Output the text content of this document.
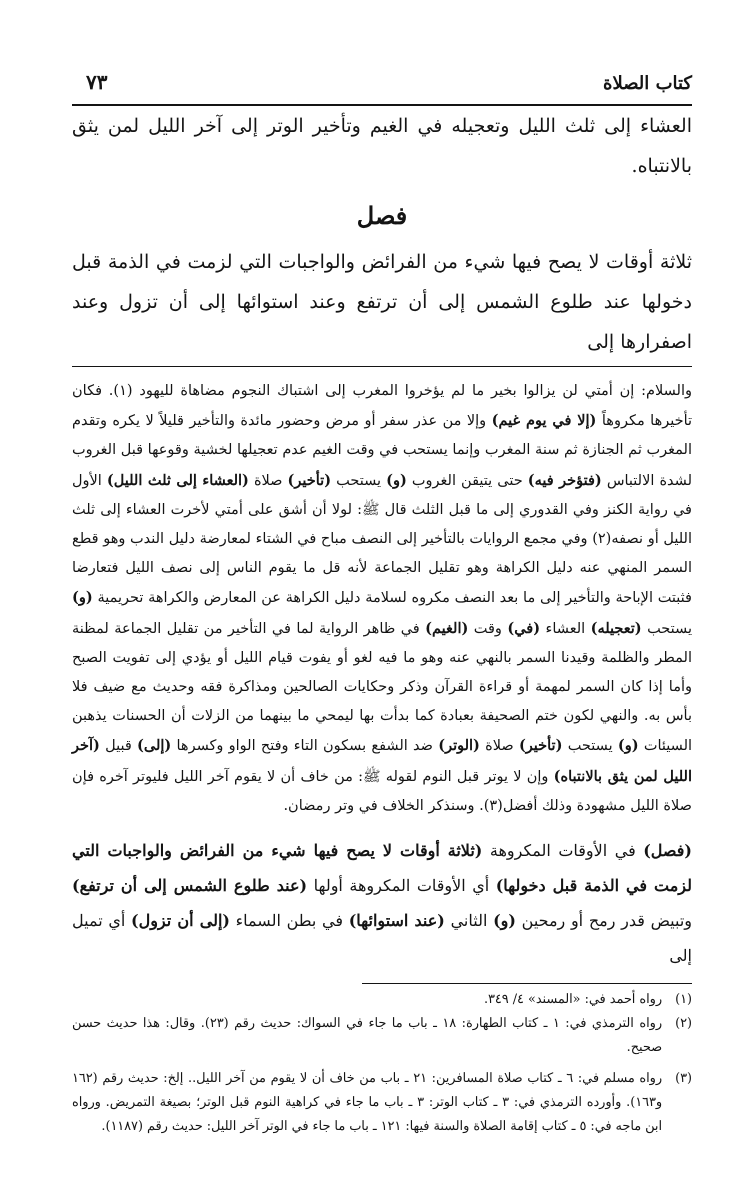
كتاب الصلاة
٧٣

العشاء إلى ثلث الليل وتعجيله في الغيم وتأخير الوتر إلى آخر الليل لمن يثق بالانتباه.

فصل

ثلاثة أوقات لا يصح فيها شيء من الفرائض والواجبات التي لزمت في الذمة قبل دخولها عند طلوع الشمس إلى أن ترتفع وعند استوائها إلى أن تزول وعند اصفرارها إلى

والسلام: إن أمتي لن يزالوا بخير ما لم يؤخروا المغرب إلى اشتباك النجوم مضاهاة لليهود (١). فكان تأخيرها مكروهاً (إلا في يوم غيم) وإلا من عذر سفر أو مرض وحضور مائدة والتأخير قليلاً لا يكره وتقدم المغرب ثم الجنازة ثم سنة المغرب وإنما يستحب في وقت الغيم عدم تعجيلها لخشية وقوعها قبل الغروب لشدة الالتباس (فتؤخر فيه) حتى يتيقن الغروب (و) يستحب (تأخير) صلاة (العشاء إلى ثلث الليل) الأول في رواية الكنز وفي القدوري إلى ما قبل الثلث قال ﷺ: لولا أن أشق على أمتي لأخرت العشاء إلى ثلث الليل أو نصفه(٢) وفي مجمع الروايات بالتأخير إلى النصف مباح في الشتاء لمعارضة دليل الندب وهو قطع السمر المنهي عنه دليل الكراهة وهو تقليل الجماعة لأنه قل ما يقوم الناس إلى نصف الليل فتعارضا فثبتت الإباحة والتأخير إلى ما بعد النصف مكروه لسلامة دليل الكراهة عن المعارض والكراهة تحريمية (و) يستحب (تعجيله) العشاء (في) وقت (الغيم) في ظاهر الرواية لما في التأخير من تقليل الجماعة لمظنة المطر والظلمة وقيدنا السمر بالنهي عنه وهو ما فيه لغو أو يفوت قيام الليل أو يؤدي إلى تفويت الصبح وأما إذا كان السمر لمهمة أو قراءة القرآن وذكر وحكايات الصالحين ومذاكرة فقه وحديث مع ضيف فلا بأس به. والنهي لكون ختم الصحيفة بعبادة كما بدأت بها ليمحي ما بينهما من الزلات أن الحسنات يذهبن السيئات (و) يستحب (تأخير) صلاة (الوتر) ضد الشفع بسكون التاء وفتح الواو وكسرها (إلى) قبيل (آخر الليل لمن يثق بالانتباه) وإن لا يوتر قبل النوم لقوله ﷺ: من خاف أن لا يقوم آخر الليل فليوتر آخره فإن صلاة الليل مشهودة وذلك أفضل(٣). وسنذكر الخلاف في وتر رمضان.

(فصل) في الأوقات المكروهة (ثلاثة أوقات لا يصح فيها شيء من الفرائض والواجبات التي لزمت في الذمة قبل دخولها) أي الأوقات المكروهة أولها (عند طلوع الشمس إلى أن ترتفع) وتبيض قدر رمح أو رمحين (و) الثاني (عند استوائها) في بطن السماء (إلى أن تزول) أي تميل إلى

(١)
رواه أحمد في: «المسند» ٤/ ٣٤٩.

(٢)
رواه الترمذي في: ١ ـ كتاب الطهارة: ١٨ ـ باب ما جاء في السواك: حديث رقم (٢٣). وقال: هذا حديث حسن صحيح.

(٣)
رواه مسلم في: ٦ ـ كتاب صلاة المسافرين: ٢١ ـ باب من خاف أن لا يقوم من آخر الليل.. إلخ: حديث رقم (١٦٢ و١٦٣). وأورده الترمذي في: ٣ ـ كتاب الوتر: ٣ ـ باب ما جاء في كراهية النوم قبل الوتر؛ بصيغة التمريض. ورواه ابن ماجه في: ٥ ـ كتاب إقامة الصلاة والسنة فيها: ١٢١ ـ باب ما جاء في الوتر آخر الليل: حديث رقم (١١٨٧).
